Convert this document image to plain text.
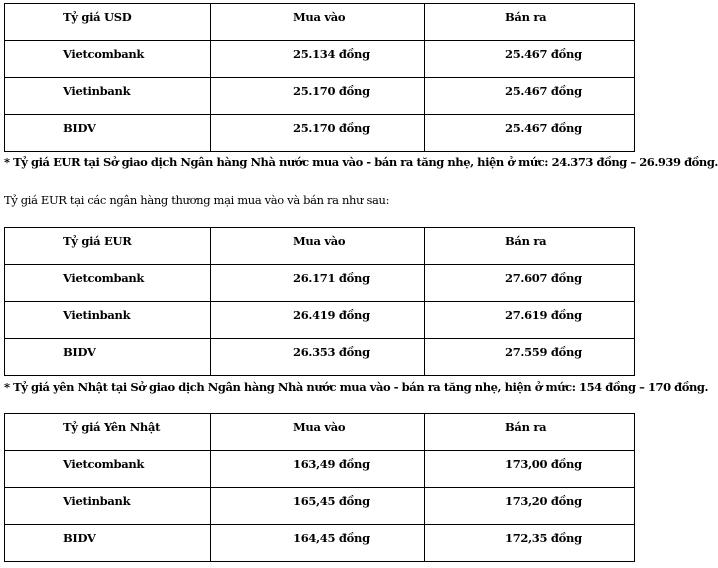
Tỷ giá USD	Mua vào	Bán ra

Vietcombank	25.134 đồng	25.467 đồng

Vietinbank	25.170 đồng	25.467 đồng

BIDV	25.170 đồng	25.467 đồng
* Tỷ giá EUR tại Sở giao dịch Ngân hàng Nhà nước mua vào - bán ra tăng nhẹ, hiện ở mức: 24.373 đồng – 26.939 đồng.
Tỷ giá EUR tại các ngân hàng thương mại mua vào và bán ra như sau:
Tỷ giá EUR	Mua vào	Bán ra

Vietcombank	26.171 đồng	27.607 đồng

Vietinbank	26.419 đồng	27.619 đồng

BIDV	26.353 đồng	27.559 đồng
* Tỷ giá yên Nhật tại Sở giao dịch Ngân hàng Nhà nước mua vào - bán ra tăng nhẹ, hiện ở mức: 154 đồng – 170 đồng.
Tỷ giá Yên Nhật	Mua vào	Bán ra

Vietcombank	163,49 đồng	173,00 đồng

Vietinbank	165,45 đồng	173,20 đồng

BIDV	164,45 đồng	172,35 đồng
